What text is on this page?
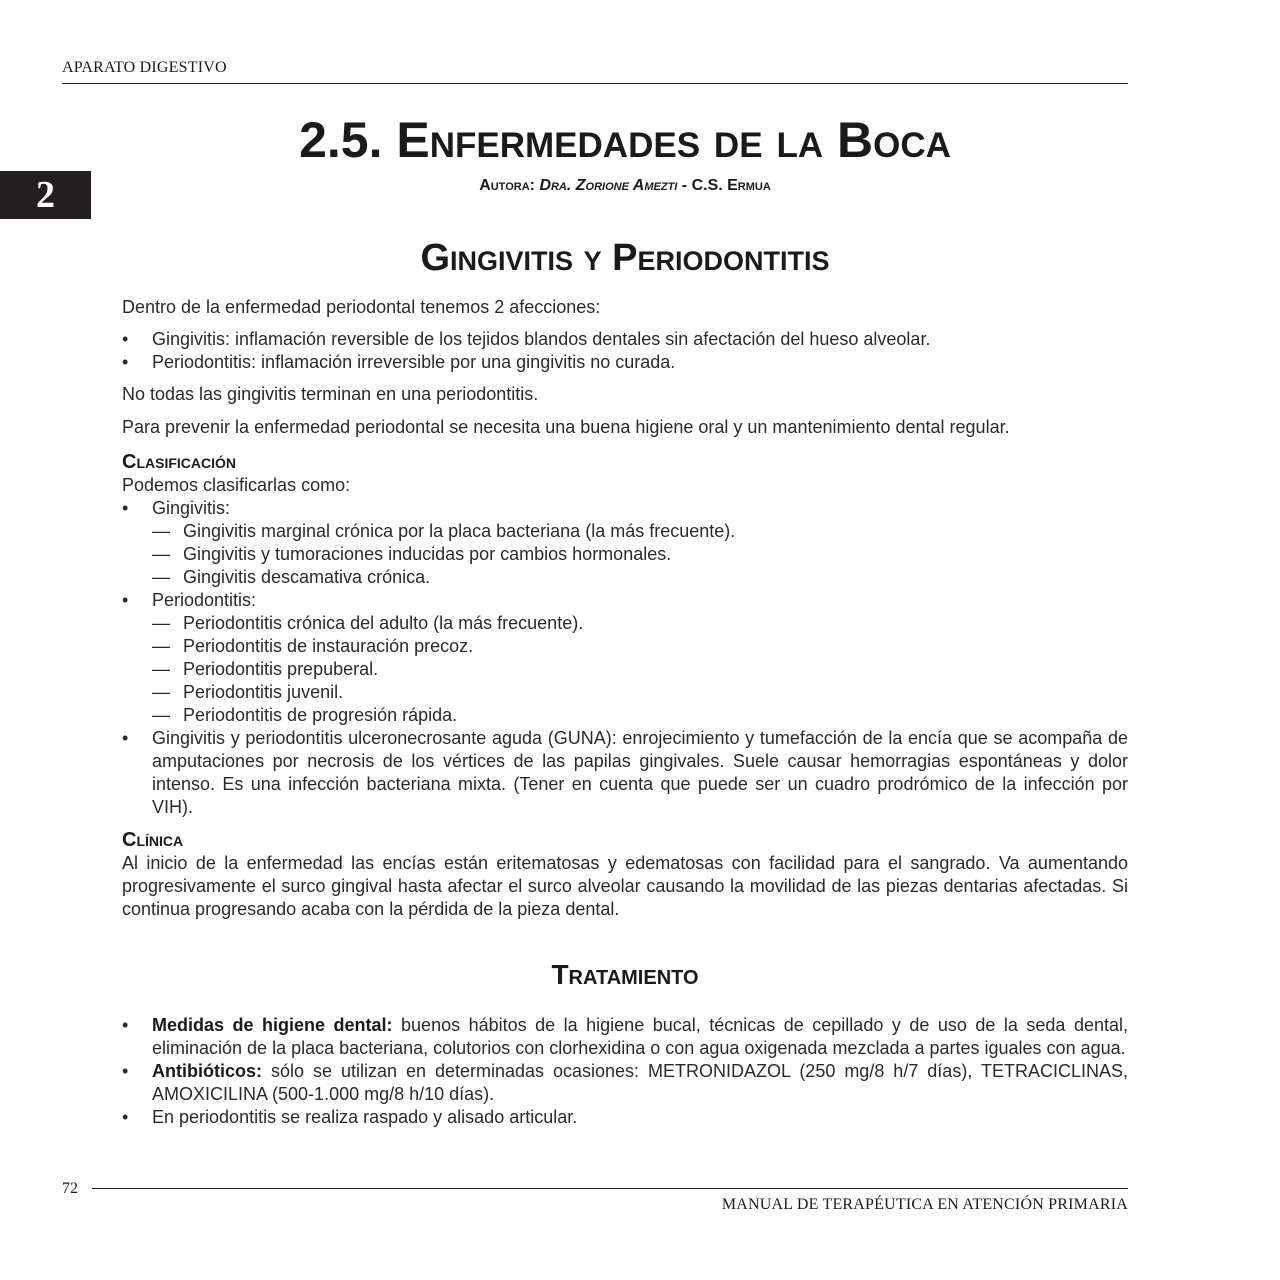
APARATO DIGESTIVO
2
2.5. Enfermedades de la Boca
Autora: Dra. Zorione Amezti - C.S. Ermua
Gingivitis y Periodontitis

Dentro de la enfermedad periodontal tenemos 2 afecciones:

• Gingivitis: inflamación reversible de los tejidos blandos dentales sin afectación del hueso alveolar.
• Periodontitis: inflamación irreversible por una gingivitis no curada.

No todas las gingivitis terminan en una periodontitis.

Para prevenir la enfermedad periodontal se necesita una buena higiene oral y un mantenimiento dental regular.

Clasificación

Podemos clasificarlas como:

• Gingivitis:
— Gingivitis marginal crónica por la placa bacteriana (la más frecuente).
— Gingivitis y tumoraciones inducidas por cambios hormonales.
— Gingivitis descamativa crónica.
• Periodontitis:
— Periodontitis crónica del adulto (la más frecuente).
— Periodontitis de instauración precoz.
— Periodontitis prepuberal.
— Periodontitis juvenil.
— Periodontitis de progresión rápida.
• Gingivitis y periodontitis ulceronecrosante aguda (GUNA): enrojecimiento y tumefacción de la encía que se acompaña de amputaciones por necrosis de los vértices de las papilas gingivales. Suele causar hemorragias espontáneas y dolor intenso. Es una infección bacteriana mixta. (Tener en cuenta que puede ser un cuadro prodrómico de la infección por VIH).
Clínica

Al inicio de la enfermedad las encías están eritematosas y edematosas con facilidad para el sangrado. Va aumentando progresivamente el surco gingival hasta afectar el surco alveolar causando la movilidad de las piezas dentarias afectadas. Si continua progresando acaba con la pérdida de la pieza dental.

Tratamiento
• Medidas de higiene dental: buenos hábitos de la higiene bucal, técnicas de cepillado y de uso de la seda dental, eliminación de la placa bacteriana, colutorios con clorhexidina o con agua oxigenada mezclada a partes iguales con agua.
• Antibióticos: sólo se utilizan en determinadas ocasiones: METRONIDAZOL (250 mg/8 h/7 días), TETRACICLINAS, AMOXICILINA (500-1.000 mg/8 h/10 días).
• En periodontitis se realiza raspado y alisado articular.
72
MANUAL DE TERAPÉUTICA EN ATENCIÓN PRIMARIA
